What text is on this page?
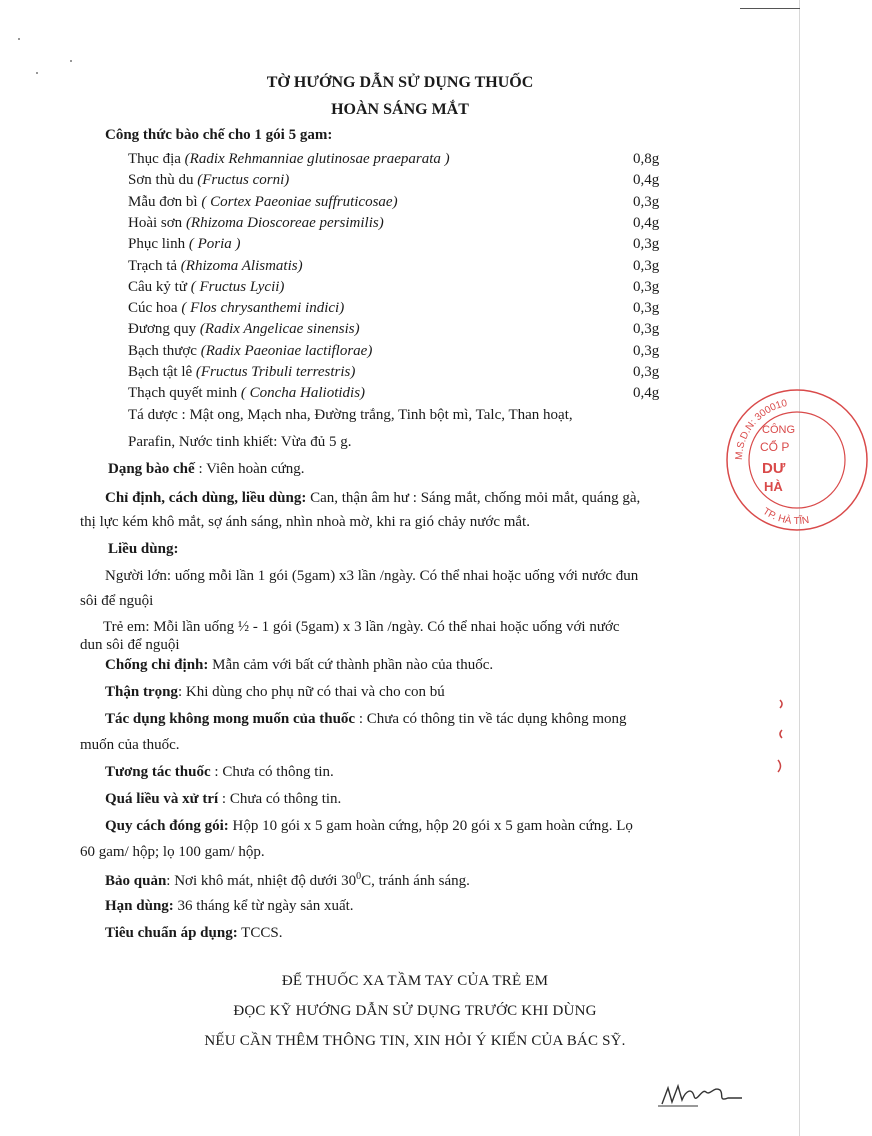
TỜ HƯỚNG DẪN SỬ DỤNG THUỐC
HOÀN SÁNG MẮT
Công thức bào chế cho 1 gói 5 gam:
Thục địa (Radix Rehmanniae glutinosae praeparata )	0,8g
Sơn thù du (Fructus corni)	0,4g
Mẫu đơn bì ( Cortex Paeoniae suffruticosae)	0,3g
Hoài sơn (Rhizoma Dioscoreae persimilis)	0,4g
Phục linh ( Poria )	0,3g
Trạch tả (Rhizoma Alismatis)	0,3g
Câu kỷ tử ( Fructus Lycii)	0,3g
Cúc hoa ( Flos chrysanthemi indici)	0,3g
Đương quy (Radix Angelicae sinensis)	0,3g
Bạch thược (Radix Paeoniae lactiflorae)	0,3g
Bạch tật lê (Fructus Tribuli terrestris)	0,3g
Thạch quyết minh ( Concha Haliotidis)	0,4g
Tá dược : Mật ong, Mạch nha, Đường trắng, Tinh bột mì, Talc, Than hoạt,
Parafin, Nước tinh khiết: Vừa đủ 5 g.
Dạng bào chế : Viên hoàn cứng.
Chỉ định, cách dùng, liều dùng: Can, thận âm hư : Sáng mắt, chống mỏi mắt, quáng gà,
thị lực kém khô mắt, sợ ánh sáng, nhìn nhoà mờ, khi ra gió chảy nước mắt.
Liều dùng:
Người lớn: uống mỗi lần 1 gói (5gam) x3 lần /ngày. Có thể nhai hoặc uống với nước đun
sôi để nguội
Trẻ em: Mỗi lần uống ½ - 1 gói (5gam) x 3 lần /ngày. Có thể nhai hoặc uống với nước
dun sôi để nguội
Chống chỉ định: Mẫn cảm với bất cứ thành phần nào của thuốc.
Thận trọng: Khi dùng cho phụ nữ có thai và cho con bú
Tác dụng không mong muốn của thuốc : Chưa có thông tin về tác dụng không mong
muốn của thuốc.
Tương tác thuốc : Chưa có thông tin.
Quá liều và xử trí : Chưa có thông tin.
Quy cách đóng gói: Hộp 10 gói x 5 gam hoàn cứng, hộp 20 gói x 5 gam hoàn cứng. Lọ
60 gam/ hộp; lọ 100 gam/ hộp.
Bảo quản: Nơi khô mát, nhiệt độ dưới $30^0C$, tránh ánh sáng.
Hạn dùng: 36 tháng kể từ ngày sản xuất.
Tiêu chuẩn áp dụng: TCCS.
ĐỂ THUỐC XA TẦM TAY CỦA TRẺ EM
ĐỌC KỸ HƯỚNG DẪN SỬ DỤNG TRƯỚC KHI DÙNG
NẾU CẦN THÊM THÔNG TIN, XIN HỎI Ý KIẾN CỦA BÁC SỸ.
M.S.D.N: 300010
TP. HÀ TĨN
CÔNG
CỔ P
DƯ
HÀ
